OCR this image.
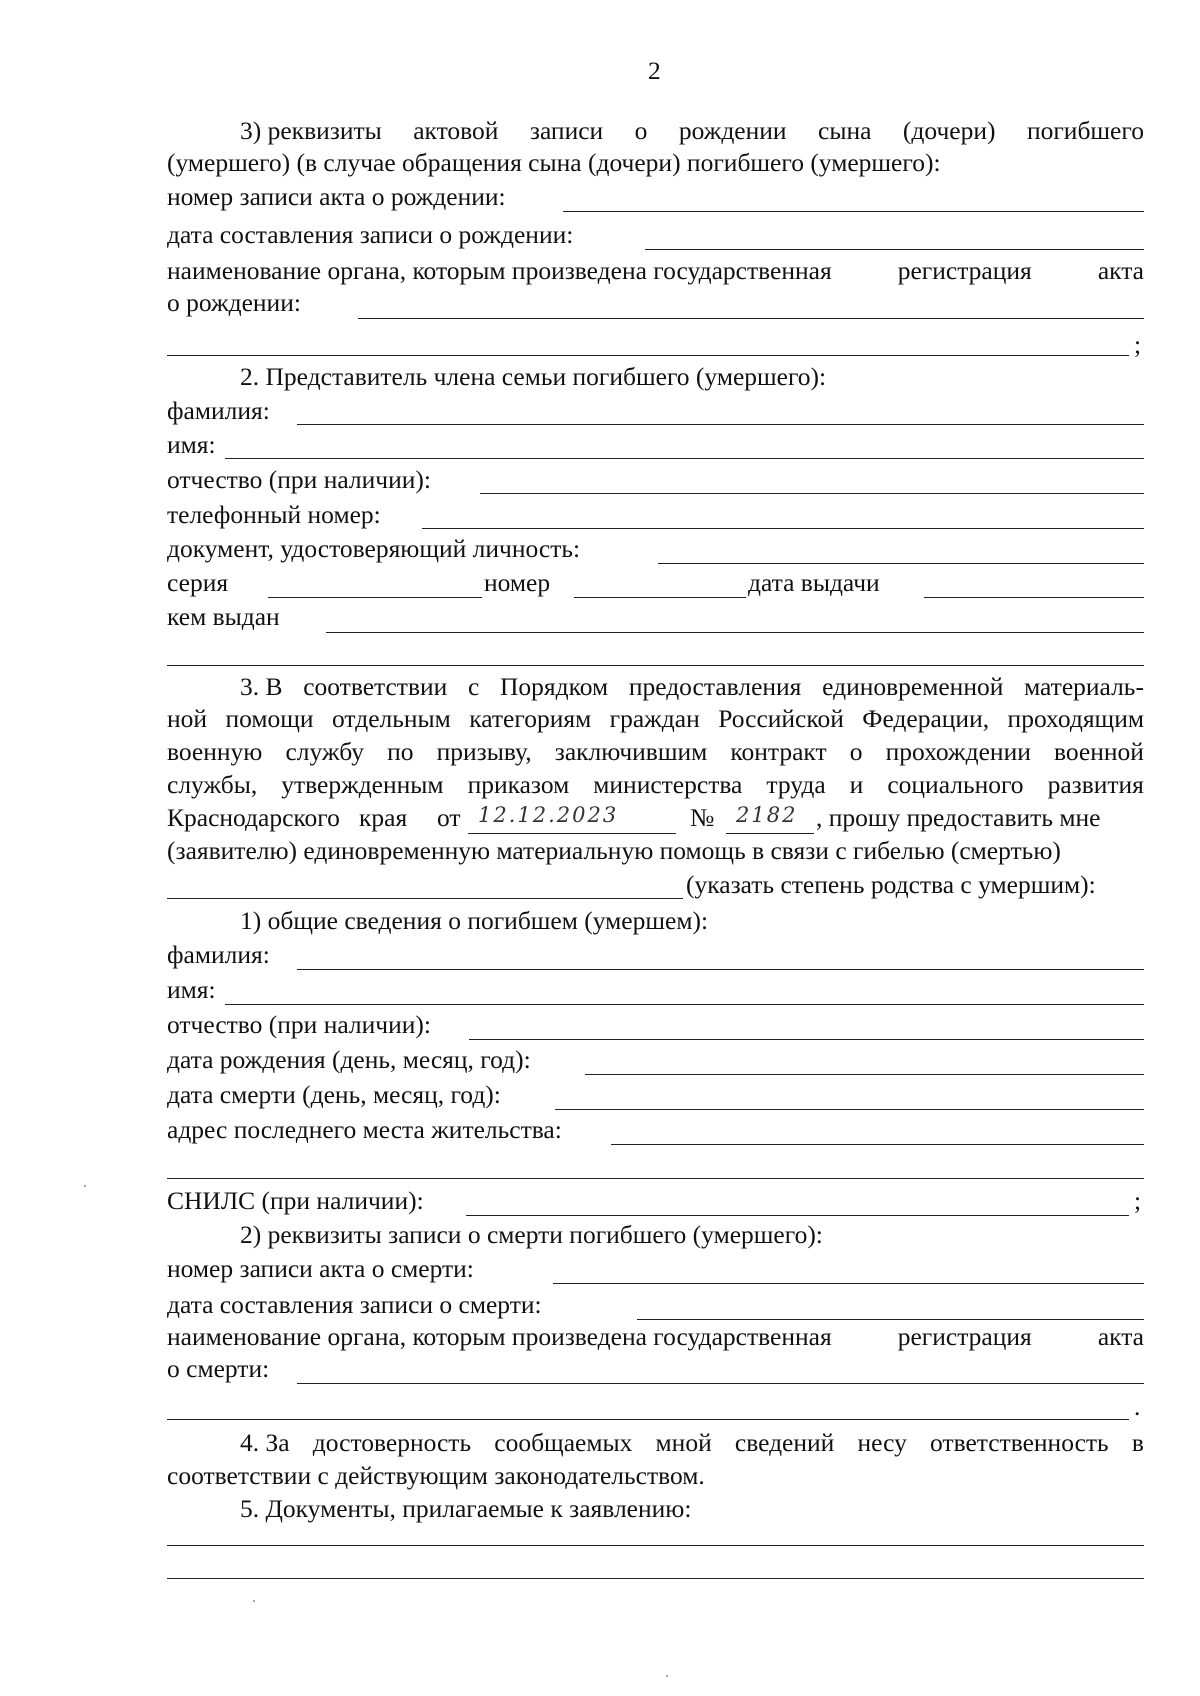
2
3) реквизиты актовой записи о рождении сына (дочери) погибшего
(умершего) (в случае обращения сына (дочери) погибшего (умершего):
номер записи акта о рождении:
дата составления записи о рождении:
наименование органа, которым произведена государственная	регистрация	акта
о рождении:
;
2. Представитель члена семьи погибшего (умершего):
фамилия:
имя:
отчество (при наличии):
телефонный номер:
документ, удостоверяющий личность:
серия	номер	дата выдачи
кем выдан
3. В соответствии с Порядком предоставления единовременной материаль-
ной помощи отдельным категориям граждан Российской Федерации, проходящим
военную службу по призыву, заключившим контракт о прохождении военной
службы, утвержденным приказом министерства труда и социального развития
Краснодарского края от 12.12.2023	№ 2182 , прошу предоставить мне
(заявителю) единовременную материальную помощь в связи с гибелью (смертью)
(указать степень родства с умершим):
1) общие сведения о погибшем (умершем):
фамилия:
имя:
отчество (при наличии):
дата рождения (день, месяц, год):
дата смерти (день, месяц, год):
адрес последнего места жительства:
СНИЛС (при наличии):	;
2) реквизиты записи о смерти погибшего (умершего):
номер записи акта о смерти:
дата составления записи о смерти:
наименование органа, которым произведена государственная	регистрация	акта
о смерти:
.
4. За достоверность сообщаемых мной сведений несу ответственность в
соответствии с действующим законодательством.
5. Документы, прилагаемые к заявлению:
